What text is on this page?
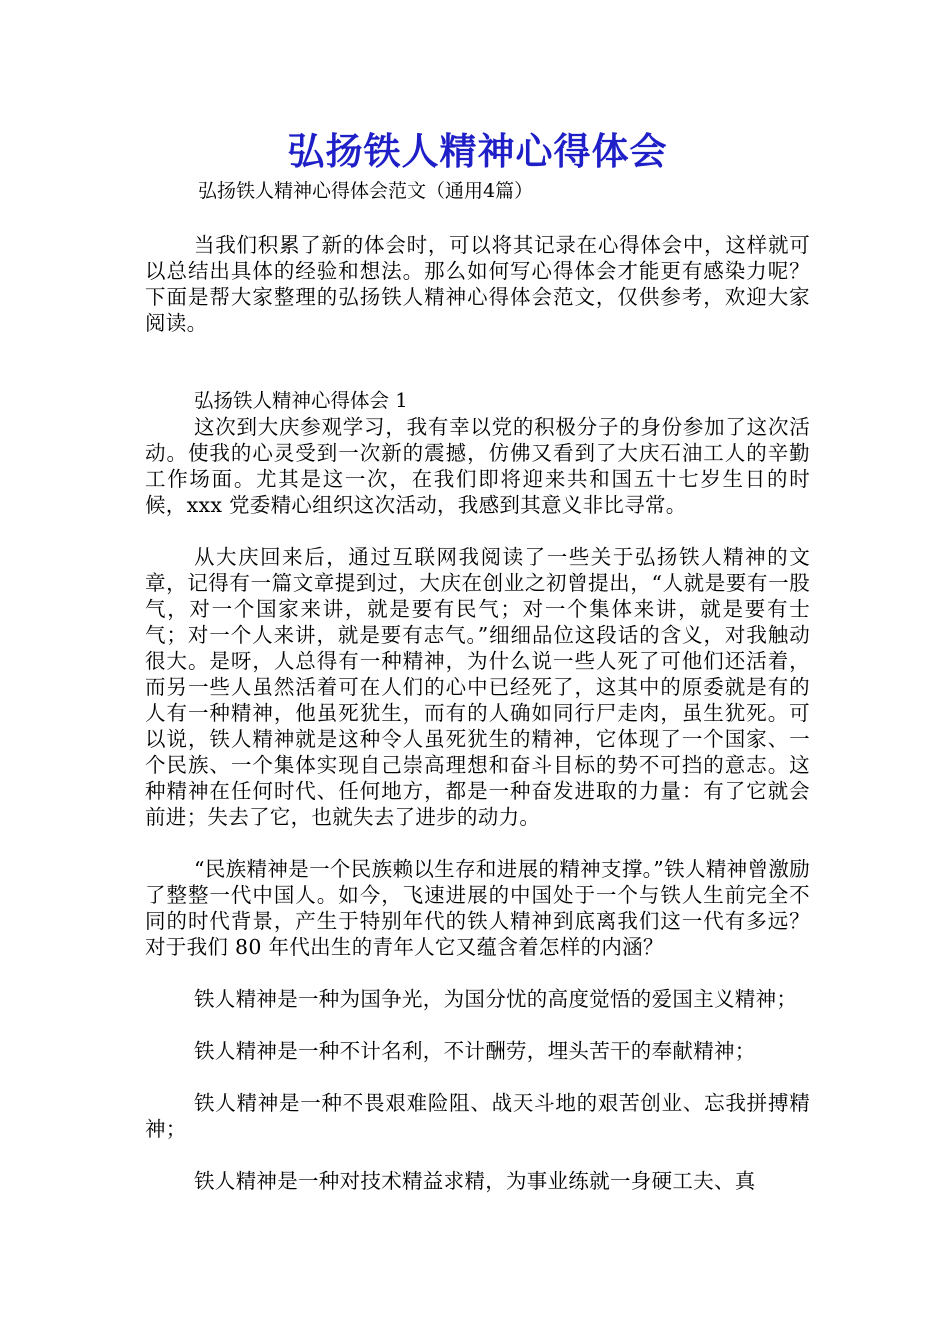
弘扬铁人精神心得体会

弘扬铁人精神心得体会范文（通用4篇）

当我们积累了新的体会时，可以将其记录在心得体会中，这样就可以总结出具体的经验和想法。那么如何写心得体会才能更有感染力呢？下面是帮大家整理的弘扬铁人精神心得体会范文，仅供参考，欢迎大家阅读。

弘扬铁人精神心得体会 1

这次到大庆参观学习，我有幸以党的积极分子的身份参加了这次活动。使我的心灵受到一次新的震撼，仿佛又看到了大庆石油工人的辛勤工作场面。尤其是这一次，在我们即将迎来共和国五十七岁生日的时候，xxx 党委精心组织这次活动，我感到其意义非比寻常。

从大庆回来后，通过互联网我阅读了一些关于弘扬铁人精神的文章，记得有一篇文章提到过，大庆在创业之初曾提出，“人就是要有一股气，对一个国家来讲，就是要有民气；对一个集体来讲，就是要有士气；对一个人来讲，就是要有志气。”细细品位这段话的含义，对我触动很大。是呀，人总得有一种精神，为什么说一些人死了可他们还活着，而另一些人虽然活着可在人们的心中已经死了，这其中的原委就是有的人有一种精神，他虽死犹生，而有的人确如同行尸走肉，虽生犹死。可以说，铁人精神就是这种令人虽死犹生的精神，它体现了一个国家、一个民族、一个集体实现自己崇高理想和奋斗目标的势不可挡的意志。这种精神在任何时代、任何地方，都是一种奋发进取的力量：有了它就会前进；失去了它，也就失去了进步的动力。

“民族精神是一个民族赖以生存和进展的精神支撑。”铁人精神曾激励了整整一代中国人。如今，飞速进展的中国处于一个与铁人生前完全不同的时代背景，产生于特别年代的铁人精神到底离我们这一代有多远？对于我们 80 年代出生的青年人它又蕴含着怎样的内涵？

铁人精神是一种为国争光，为国分忧的高度觉悟的爱国主义精神；

铁人精神是一种不计名利，不计酬劳，埋头苦干的奉献精神；

铁人精神是一种不畏艰难险阻、战天斗地的艰苦创业、忘我拼搏精神；

铁人精神是一种对技术精益求精，为事业练就一身硬工夫、真
